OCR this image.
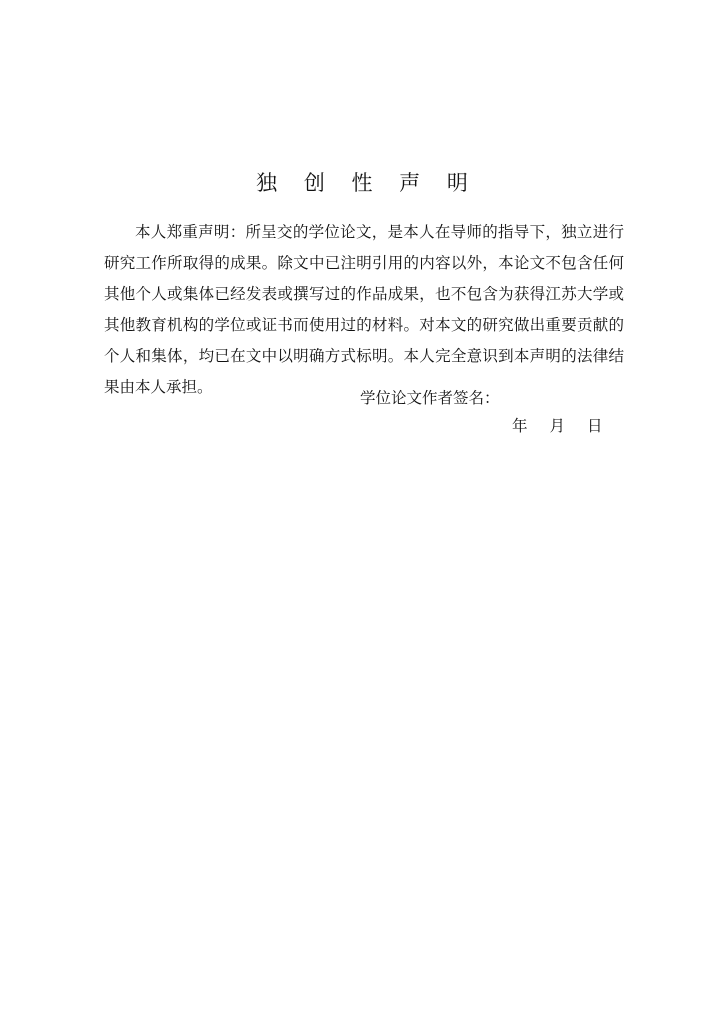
独 创 性 声 明

本人郑重声明：所呈交的学位论文，是本人在导师的指导下，独立进行研究工作所取得的成果。除文中已注明引用的内容以外，本论文不包含任何其他个人或集体已经发表或撰写过的作品成果，也不包含为获得江苏大学或其他教育机构的学位或证书而使用过的材料。对本文的研究做出重要贡献的个人和集体，均已在文中以明确方式标明。本人完全意识到本声明的法律结果由本人承担。

学位论文作者签名：
年 月 日
